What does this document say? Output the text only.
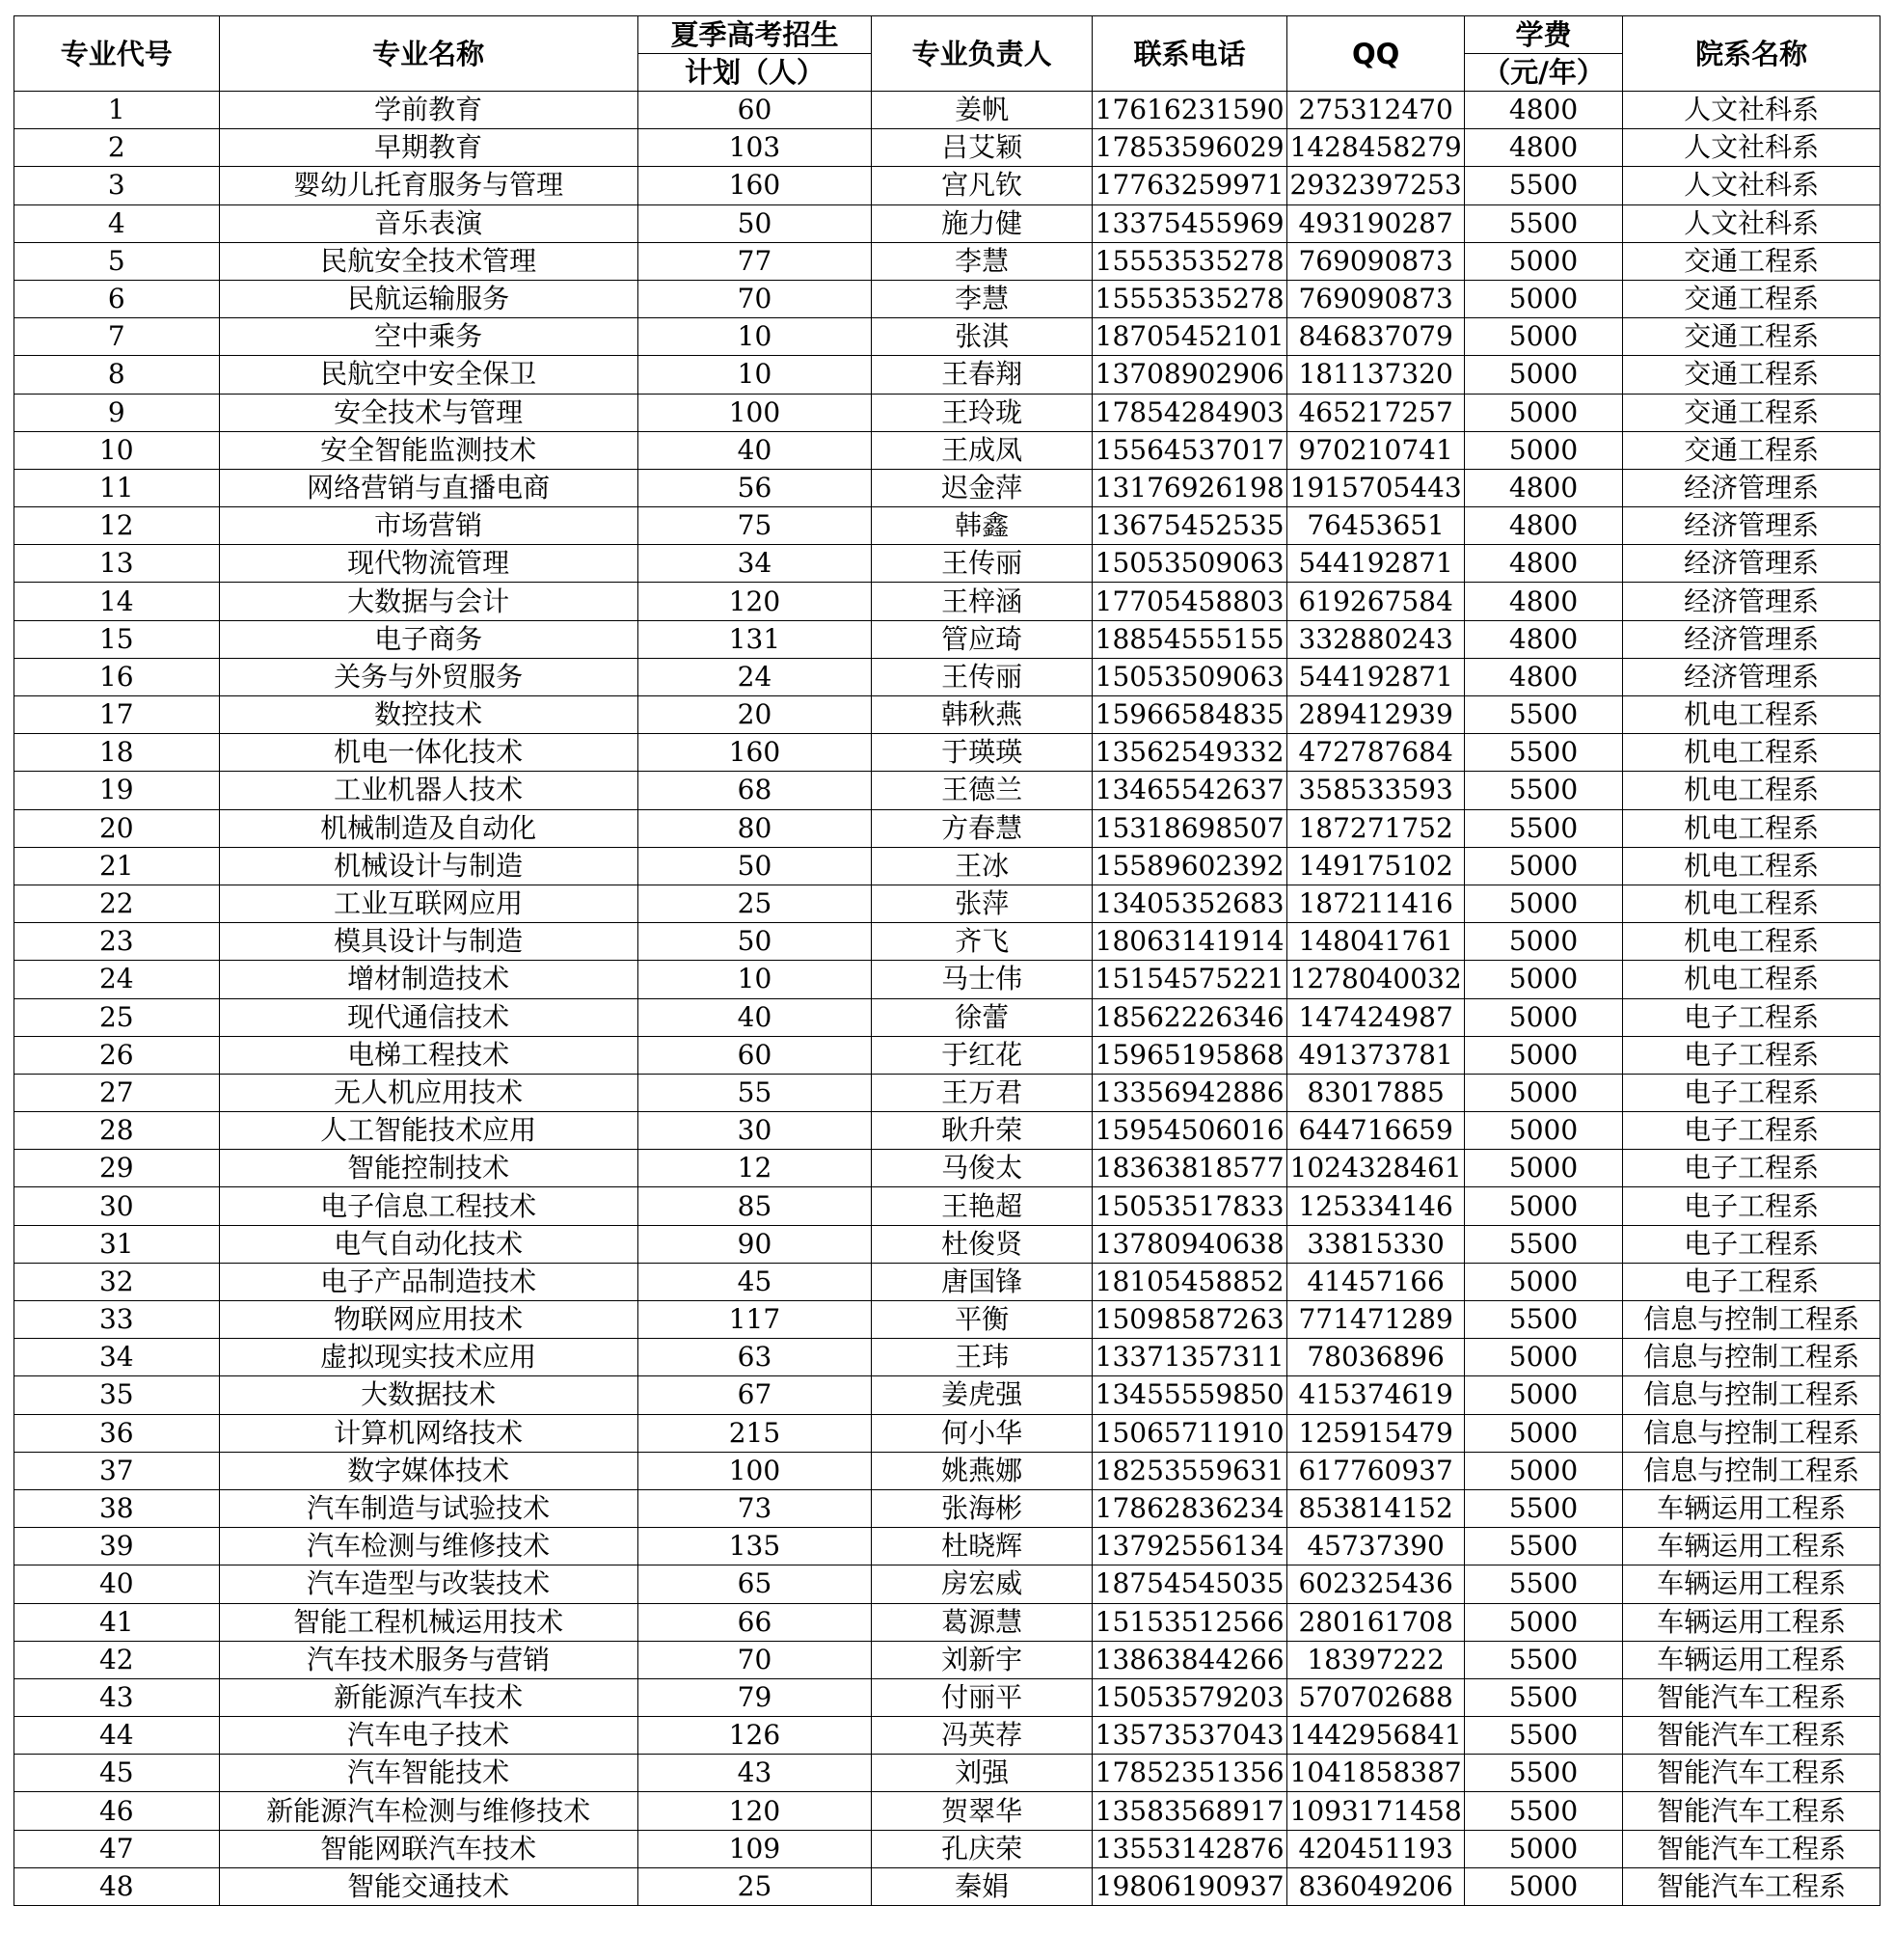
专业代号	专业名称	夏季高考招生	专业负责人	联系电话	QQ	学费	院系名称
		计划（人）				（元/年）	
1	学前教育	60	姜帆	17616231590	275312470	4800	人文社科系
2	早期教育	103	吕艾颖	17853596029	1428458279	4800	人文社科系
3	婴幼儿托育服务与管理	160	宫凡钦	17763259971	2932397253	5500	人文社科系
4	音乐表演	50	施力健	13375455969	493190287	5500	人文社科系
5	民航安全技术管理	77	李慧	15553535278	769090873	5000	交通工程系
6	民航运输服务	70	李慧	15553535278	769090873	5000	交通工程系
7	空中乘务	10	张淇	18705452101	846837079	5000	交通工程系
8	民航空中安全保卫	10	王春翔	13708902906	181137320	5000	交通工程系
9	安全技术与管理	100	王玲珑	17854284903	465217257	5000	交通工程系
10	安全智能监测技术	40	王成凤	15564537017	970210741	5000	交通工程系
11	网络营销与直播电商	56	迟金萍	13176926198	1915705443	4800	经济管理系
12	市场营销	75	韩鑫	13675452535	76453651	4800	经济管理系
13	现代物流管理	34	王传丽	15053509063	544192871	4800	经济管理系
14	大数据与会计	120	王梓涵	17705458803	619267584	4800	经济管理系
15	电子商务	131	管应琦	18854555155	332880243	4800	经济管理系
16	关务与外贸服务	24	王传丽	15053509063	544192871	4800	经济管理系
17	数控技术	20	韩秋燕	15966584835	289412939	5500	机电工程系
18	机电一体化技术	160	于瑛瑛	13562549332	472787684	5500	机电工程系
19	工业机器人技术	68	王德兰	13465542637	358533593	5500	机电工程系
20	机械制造及自动化	80	方春慧	15318698507	187271752	5500	机电工程系
21	机械设计与制造	50	王冰	15589602392	149175102	5000	机电工程系
22	工业互联网应用	25	张萍	13405352683	187211416	5000	机电工程系
23	模具设计与制造	50	齐飞	18063141914	148041761	5000	机电工程系
24	增材制造技术	10	马士伟	15154575221	1278040032	5000	机电工程系
25	现代通信技术	40	徐蕾	18562226346	147424987	5000	电子工程系
26	电梯工程技术	60	于红花	15965195868	491373781	5000	电子工程系
27	无人机应用技术	55	王万君	13356942886	83017885	5000	电子工程系
28	人工智能技术应用	30	耿升荣	15954506016	644716659	5000	电子工程系
29	智能控制技术	12	马俊太	18363818577	1024328461	5000	电子工程系
30	电子信息工程技术	85	王艳超	15053517833	125334146	5000	电子工程系
31	电气自动化技术	90	杜俊贤	13780940638	33815330	5500	电子工程系
32	电子产品制造技术	45	唐国锋	18105458852	41457166	5000	电子工程系
33	物联网应用技术	117	平衡	15098587263	771471289	5500	信息与控制工程系
34	虚拟现实技术应用	63	王玮	13371357311	78036896	5000	信息与控制工程系
35	大数据技术	67	姜虎强	13455559850	415374619	5000	信息与控制工程系
36	计算机网络技术	215	何小华	15065711910	125915479	5000	信息与控制工程系
37	数字媒体技术	100	姚燕娜	18253559631	617760937	5000	信息与控制工程系
38	汽车制造与试验技术	73	张海彬	17862836234	853814152	5500	车辆运用工程系
39	汽车检测与维修技术	135	杜晓辉	13792556134	45737390	5500	车辆运用工程系
40	汽车造型与改装技术	65	房宏威	18754545035	602325436	5500	车辆运用工程系
41	智能工程机械运用技术	66	葛源慧	15153512566	280161708	5000	车辆运用工程系
42	汽车技术服务与营销	70	刘新宇	13863844266	18397222	5500	车辆运用工程系
43	新能源汽车技术	79	付丽平	15053579203	570702688	5500	智能汽车工程系
44	汽车电子技术	126	冯英荐	13573537043	1442956841	5500	智能汽车工程系
45	汽车智能技术	43	刘强	17852351356	1041858387	5500	智能汽车工程系
46	新能源汽车检测与维修技术	120	贺翠华	13583568917	1093171458	5500	智能汽车工程系
47	智能网联汽车技术	109	孔庆荣	13553142876	420451193	5000	智能汽车工程系
48	智能交通技术	25	秦娟	19806190937	836049206	5000	智能汽车工程系
